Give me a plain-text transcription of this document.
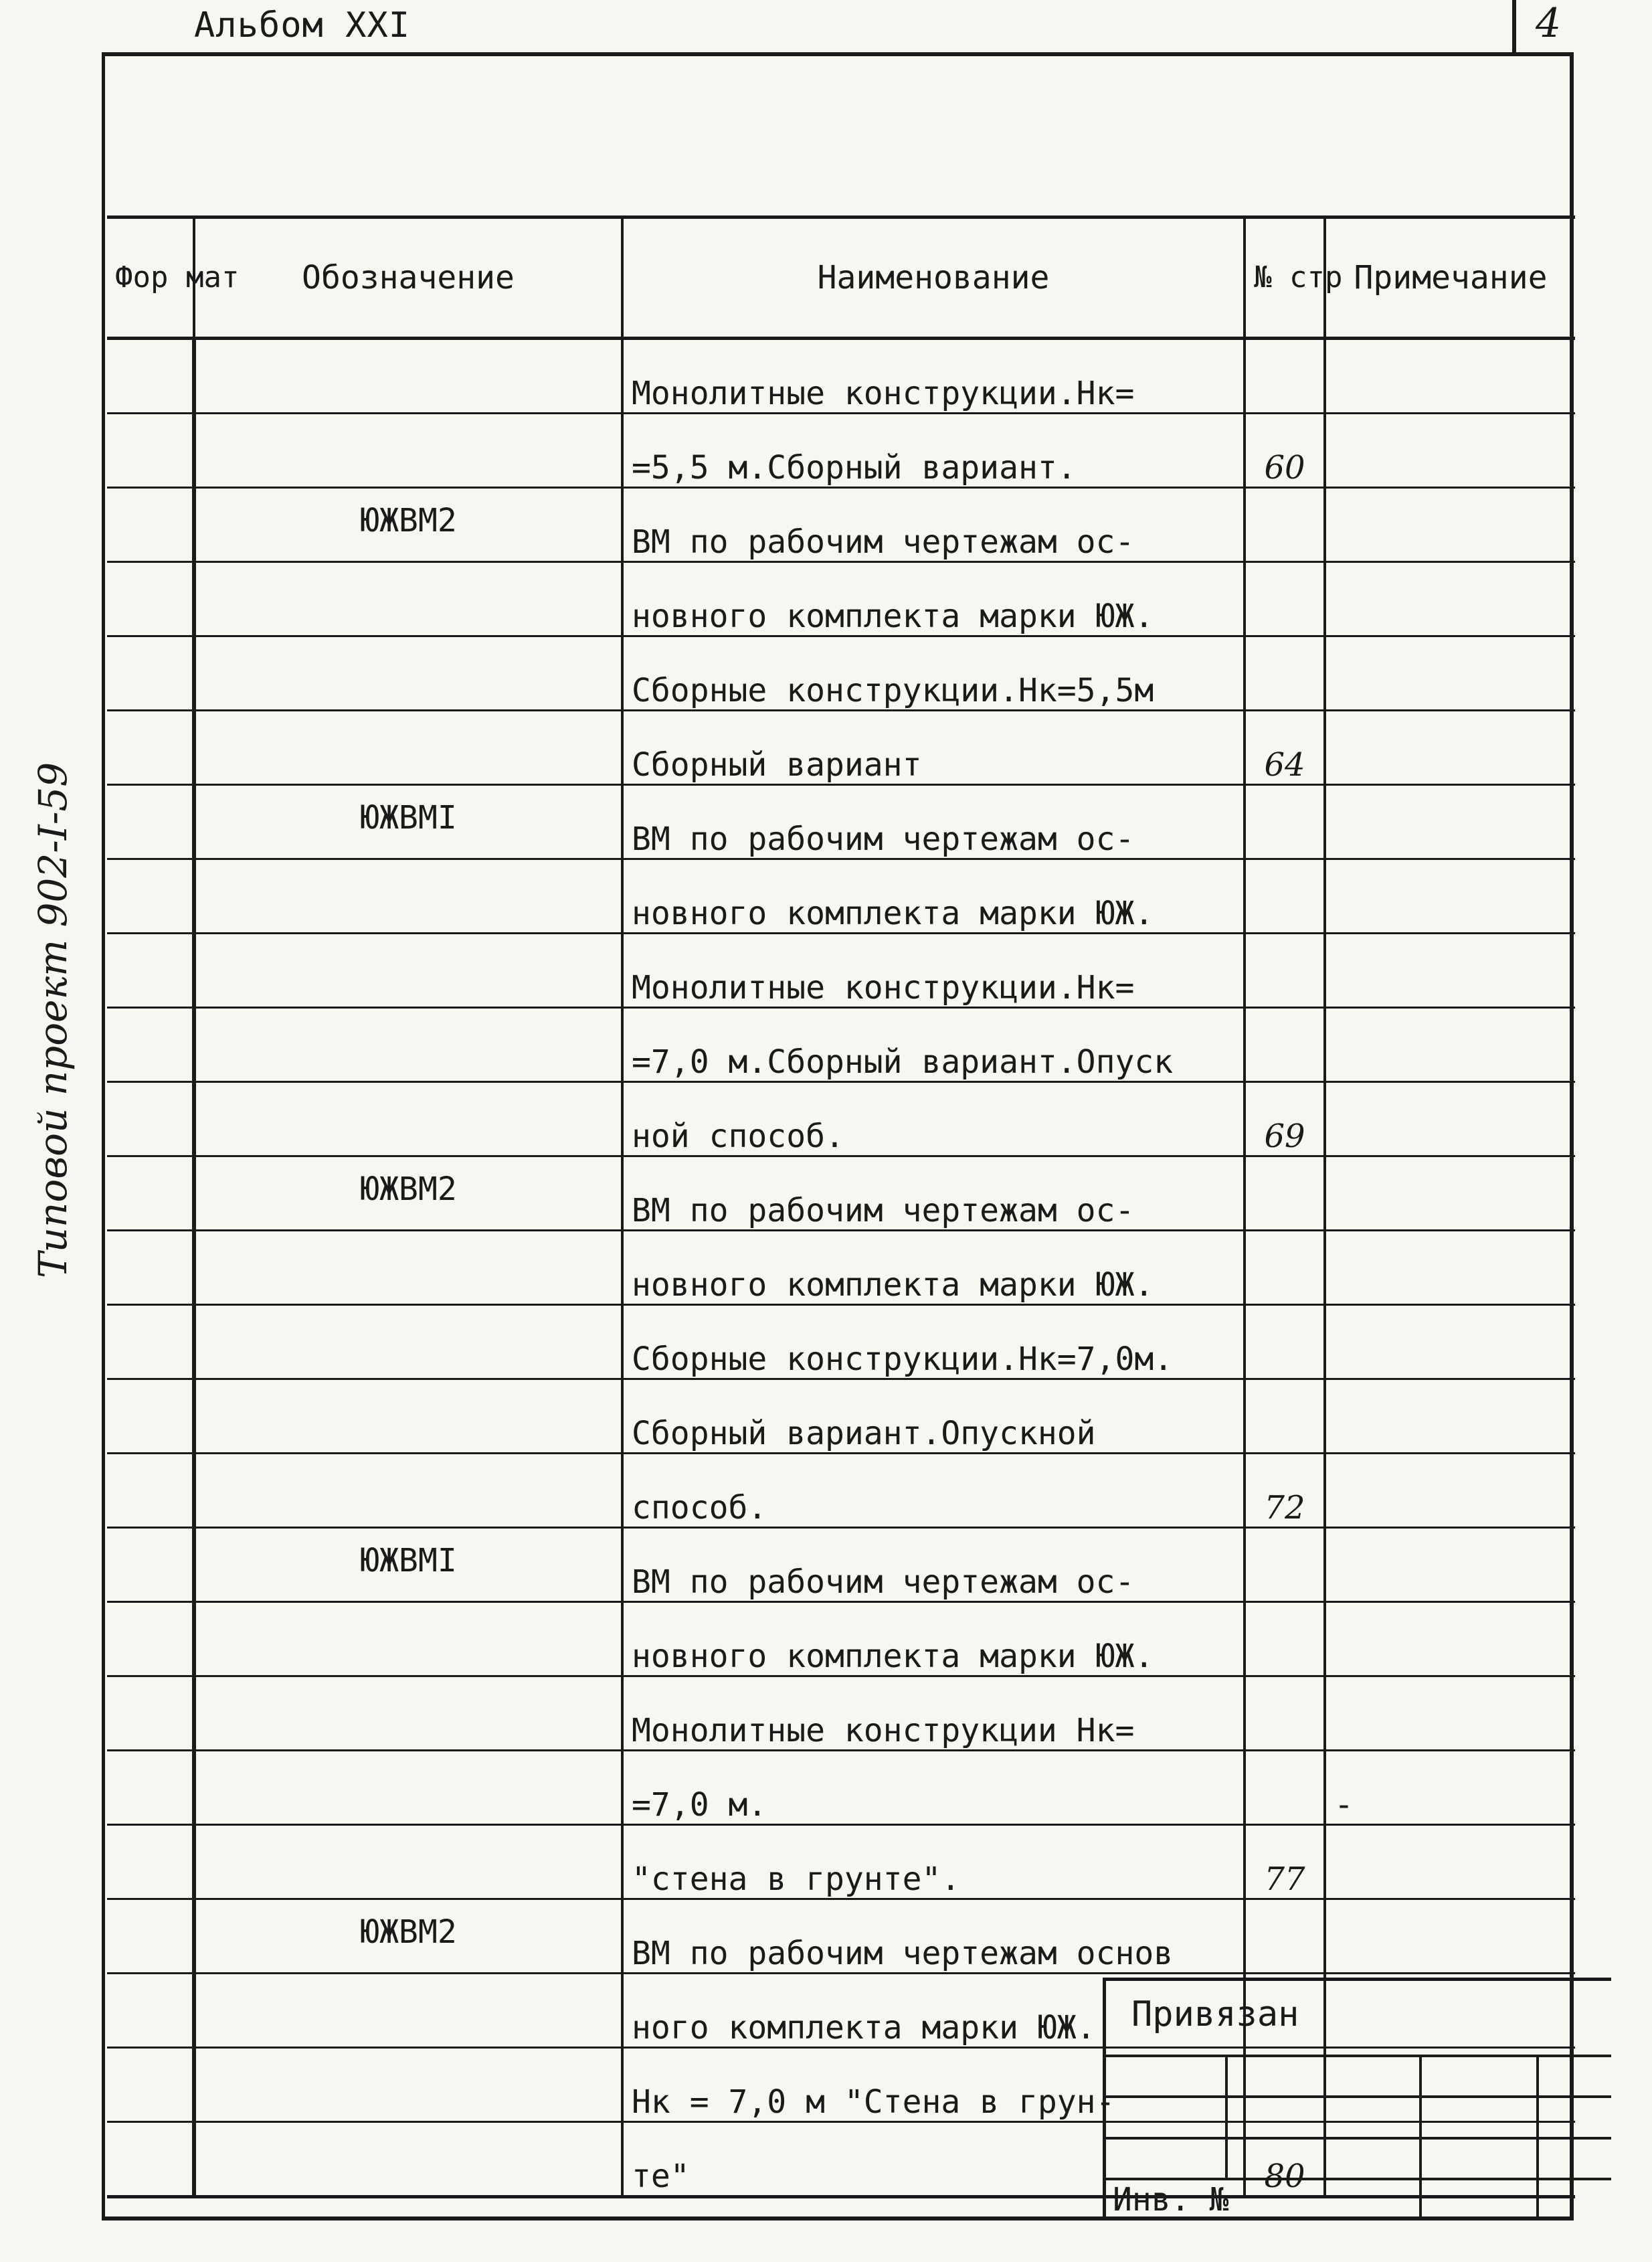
Альбом XXI	4
Типовой проект 902-I-59
Фор мат	Обозначение	Наименование	№ стр	Примечание
		Монолитные конструкции.Нк=		
		=5,5 м.Сборный вариант.	60	
	ЮЖВМ2	ВМ по рабочим чертежам ос-		
		новного комплекта марки ЮЖ.		
		Сборные конструкции.Нк=5,5м		
		Сборный вариант	64	
	ЮЖВМI	ВМ по рабочим чертежам ос-		
		новного комплекта марки ЮЖ.		
		Монолитные конструкции.Нк=		
		=7,0 м.Сборный вариант.Опуск		
		ной способ.	69	
	ЮЖВМ2	ВМ по рабочим чертежам ос-		
		новного комплекта марки ЮЖ.		
		Сборные конструкции.Нк=7,0м.		
		Сборный вариант.Опускной		
		способ.	72	
	ЮЖВМI	ВМ по рабочим чертежам ос-		
		новного комплекта марки ЮЖ.		
		Монолитные конструкции Нк=		
		=7,0 м.		-
		"стена в грунте".	77	
	ЮЖВМ2	ВМ по рабочим чертежам основ		
		ного комплекта марки ЮЖ.		
		Нк = 7,0 м "Стена в грун-		
		те"	80	
Привязан

Инв. №			
